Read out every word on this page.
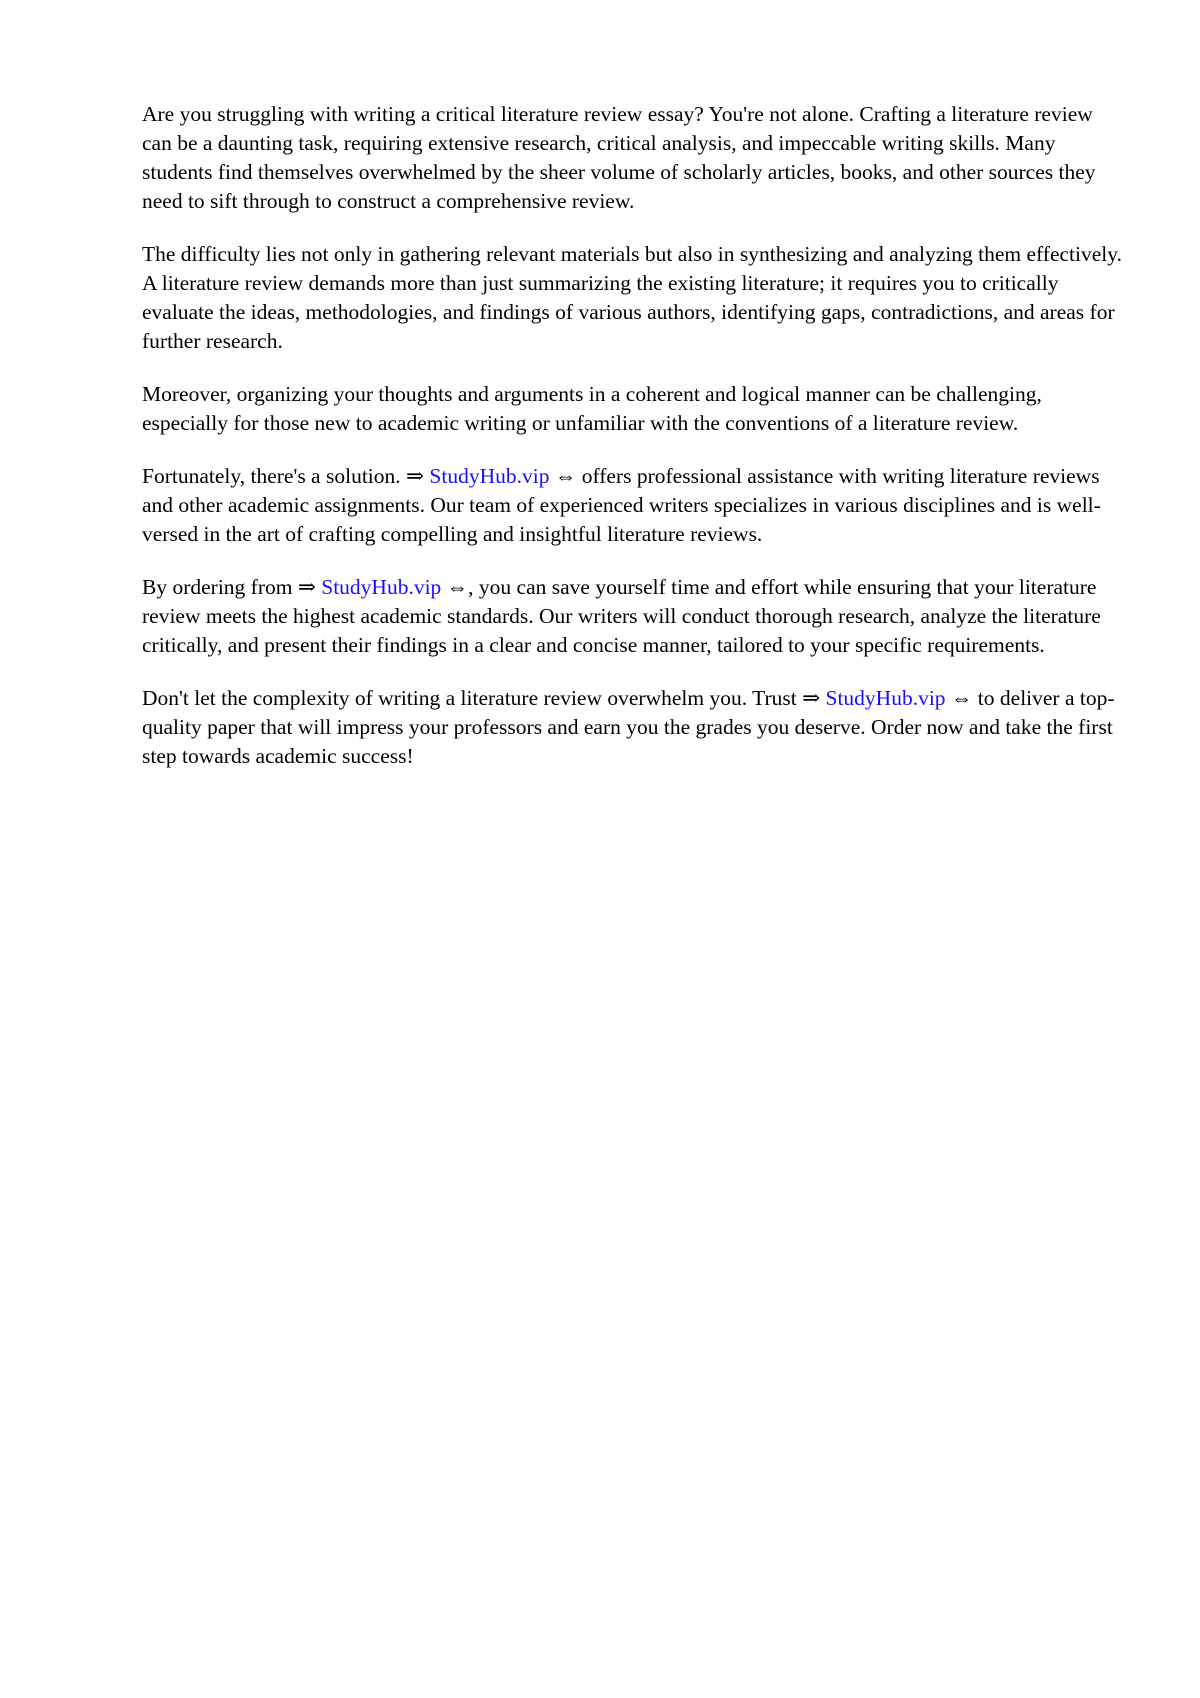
Are you struggling with writing a critical literature review essay? You're not alone. Crafting a literature review can be a daunting task, requiring extensive research, critical analysis, and impeccable writing skills. Many students find themselves overwhelmed by the sheer volume of scholarly articles, books, and other sources they need to sift through to construct a comprehensive review.

The difficulty lies not only in gathering relevant materials but also in synthesizing and analyzing them effectively. A literature review demands more than just summarizing the existing literature; it requires you to critically evaluate the ideas, methodologies, and findings of various authors, identifying gaps, contradictions, and areas for further research.

Moreover, organizing your thoughts and arguments in a coherent and logical manner can be challenging, especially for those new to academic writing or unfamiliar with the conventions of a literature review.

Fortunately, there's a solution. ⇒ StudyHub.vip ⇔ offers professional assistance with writing literature reviews and other academic assignments. Our team of experienced writers specializes in various disciplines and is well-versed in the art of crafting compelling and insightful literature reviews.

By ordering from ⇒ StudyHub.vip ⇔, you can save yourself time and effort while ensuring that your literature review meets the highest academic standards. Our writers will conduct thorough research, analyze the literature critically, and present their findings in a clear and concise manner, tailored to your specific requirements.

Don't let the complexity of writing a literature review overwhelm you. Trust ⇒ StudyHub.vip ⇔ to deliver a top-quality paper that will impress your professors and earn you the grades you deserve. Order now and take the first step towards academic success!
